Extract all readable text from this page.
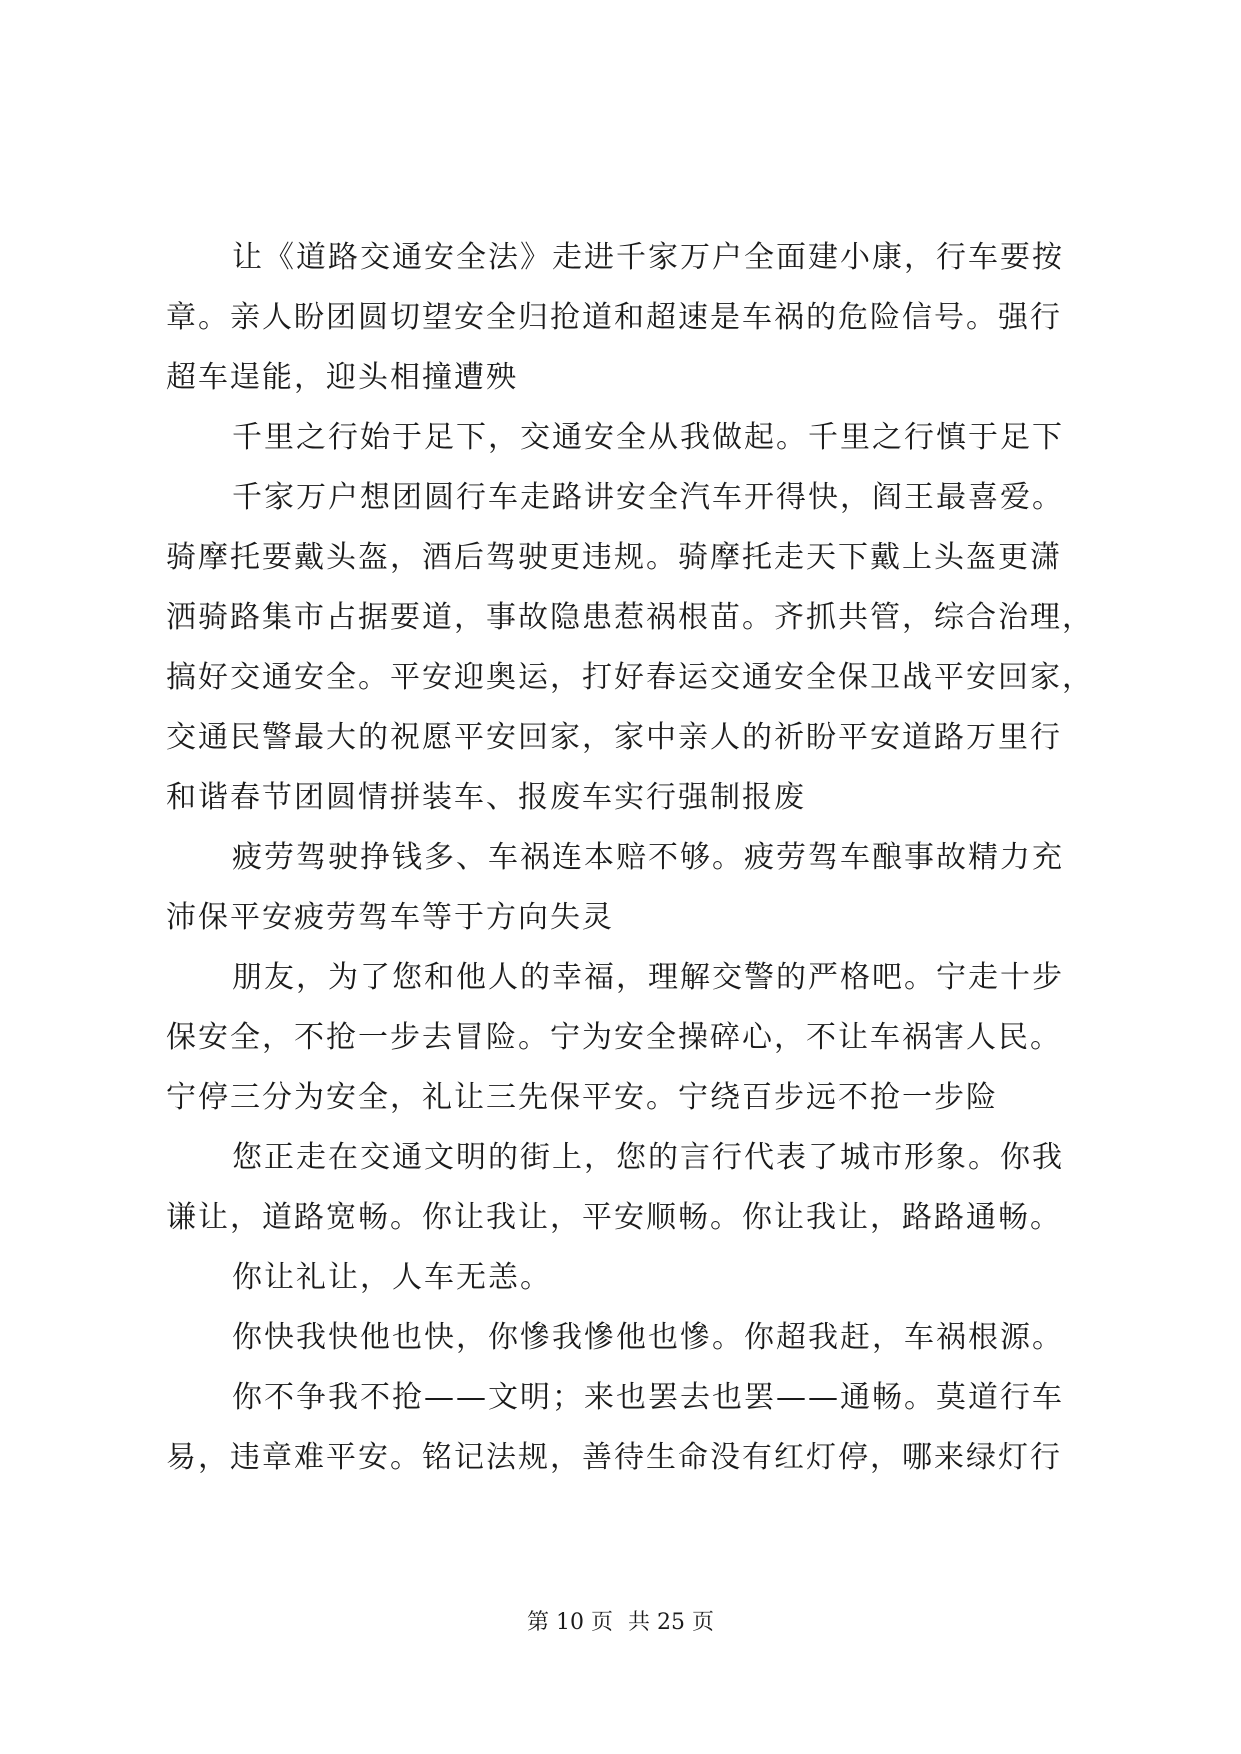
让《道路交通安全法》走进千家万户全面建小康，行车要按
章。亲人盼团圆切望安全归抢道和超速是车祸的危险信号。强行
超车逞能，迎头相撞遭殃

千里之行始于足下，交通安全从我做起。千里之行慎于足下

千家万户想团圆行车走路讲安全汽车开得快，阎王最喜爱。
骑摩托要戴头盔，酒后驾驶更违规。骑摩托走天下戴上头盔更潇
洒骑路集市占据要道，事故隐患惹祸根苗。齐抓共管，综合治理，
搞好交通安全。平安迎奥运，打好春运交通安全保卫战平安回家，
交通民警最大的祝愿平安回家，家中亲人的祈盼平安道路万里行
和谐春节团圆情拼装车、报废车实行强制报废

疲劳驾驶挣钱多、车祸连本赔不够。疲劳驾车酿事故精力充
沛保平安疲劳驾车等于方向失灵

朋友，为了您和他人的幸福，理解交警的严格吧。宁走十步
保安全，不抢一步去冒险。宁为安全操碎心，不让车祸害人民。
宁停三分为安全，礼让三先保平安。宁绕百步远不抢一步险

您正走在交通文明的街上，您的言行代表了城市形象。你我
谦让，道路宽畅。你让我让，平安顺畅。你让我让，路路通畅。

你让礼让，人车无恙。

你快我快他也快，你慘我慘他也慘。你超我赶，车祸根源。

你不争我不抢——文明；来也罢去也罢——通畅。莫道行车
易，违章难平安。铭记法规，善待生命没有红灯停，哪来绿灯行

第 10 页 共 25 页
